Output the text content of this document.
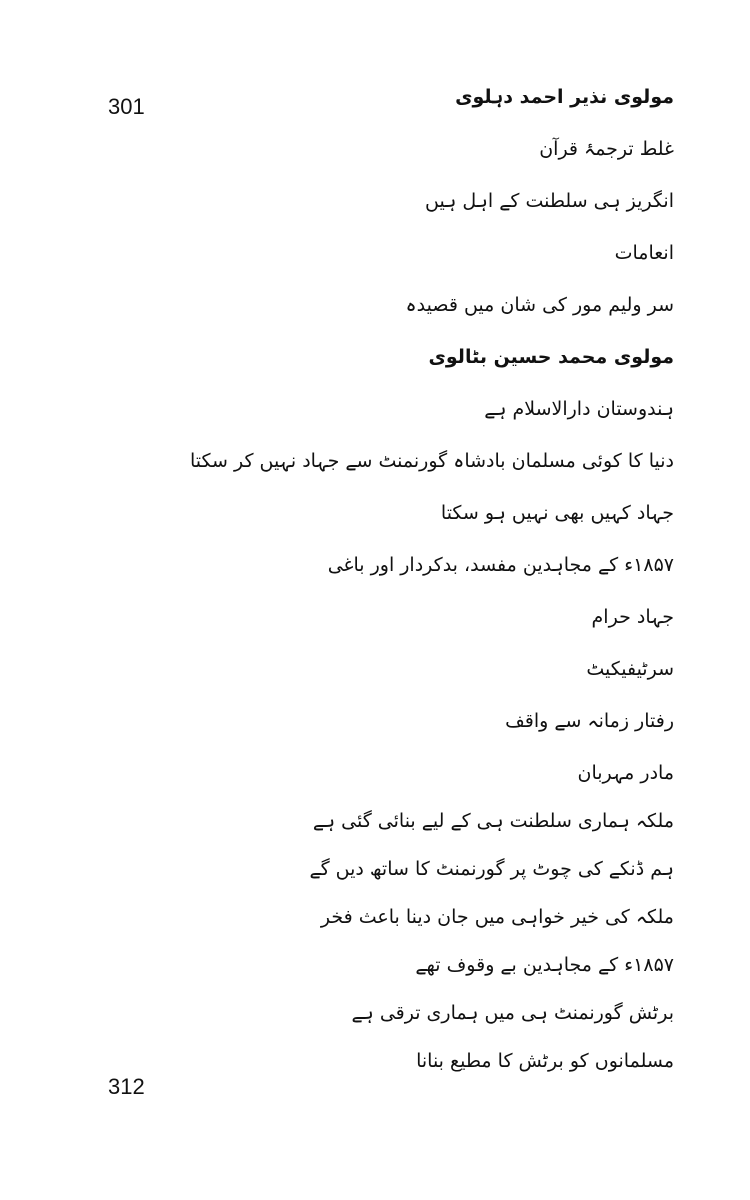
301
312
مولوی نذیر احمد دہلوی
غلط ترجمۂ قرآن
انگریز ہی سلطنت کے اہل ہیں
انعامات
سر ولیم مور کی شان میں قصیدہ
مولوی محمد حسین بٹالوی
ہندوستان دارالاسلام ہے
دنیا کا کوئی مسلمان بادشاہ گورنمنٹ سے جہاد نہیں کر سکتا
جہاد کہیں بھی نہیں ہو سکتا
۱۸۵۷ء کے مجاہدین مفسد، بدکردار اور باغی
جہاد حرام
سرٹیفیکیٹ
رفتار زمانہ سے واقف
مادر مہربان
ملکہ ہماری سلطنت ہی کے لیے بنائی گئی ہے
ہم ڈنکے کی چوٹ پر گورنمنٹ کا ساتھ دیں گے
ملکہ کی خیر خواہی میں جان دینا باعث فخر
۱۸۵۷ء کے مجاہدین بے وقوف تھے
برٹش گورنمنٹ ہی میں ہماری ترقی ہے
مسلمانوں کو برٹش کا مطیع بنانا
